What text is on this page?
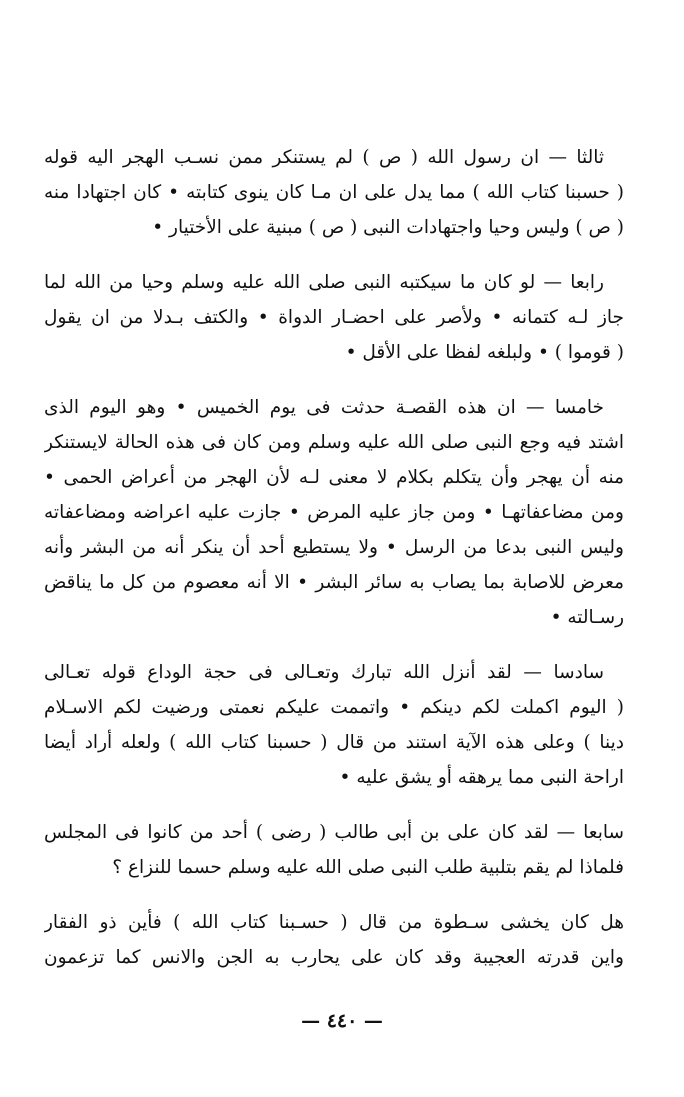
ثالثا — ان رسول الله ( ص ) لم يستنكر ممن نسـب الهجر اليه قوله
( حسبنا كتاب الله ) مما يدل على ان مـا كان ينوى كتابته • كان اجتهادا منه
( ص ) وليس وحيا واجتهادات النبى ( ص ) مبنية على الأختيار •
رابعا — لو كان ما سيكتبه النبى صلى الله عليه وسلم وحيا من الله لما
جاز لـه كتمانه • ولأصر على احضـار الدواة • والكتف بـدلا من ان يقول
( قوموا ) • ولبلغه لفظا على الأقل •
خامسا — ان هذه القصـة حدثت فى يوم الخميس • وهو اليوم الذى
اشتد فيه وجع النبى صلى الله عليه وسلم ومن كان فى هذه الحالة لايستنكر
منه أن يهجر وأن يتكلم بكلام لا معنى لـه لأن الهجر من أعراض الحمى •
ومن مضاعفاتهـا • ومن جاز عليه المرض • جازت عليه اعراضه ومضاعفاته
وليس النبى بدعا من الرسل • ولا يستطيع أحد أن ينكر أنه من البشر وأنه
معرض للاصابة بما يصاب به سائر البشر • الا أنه معصوم من كل ما يناقض
رسـالته •
سادسا — لقد أنزل الله تبارك وتعـالى فى حجة الوداع قوله تعـالى
( اليوم اكملت لكم دينكم • واتممت عليكم نعمتى ورضيت لكم الاسـلام
دينا ) وعلى هذه الآية استند من قال ( حسبنا كتاب الله ) ولعله أراد أيضا
اراحة النبى مما يرهقه أو يشق عليه •
سابعا — لقد كان على بن أبى طالب ( رضى ) أحد من كانوا فى المجلس
فلماذا لم يقم بتلبية طلب النبى صلى الله عليه وسلم حسما للنزاع ؟
هل كان يخشى سـطوة من قال ( حسـبنا كتاب الله ) فأين ذو الفقار
واين قدرته العجيبة وقد كان على يحارب به الجن والانس كما تزعمون
— ٤٤٠ —
